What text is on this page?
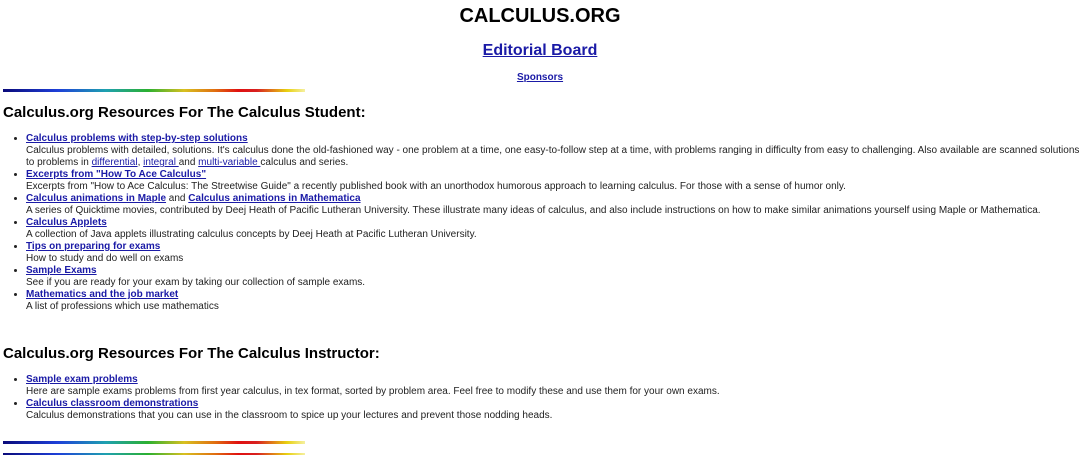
CALCULUS.ORG
Editorial Board
Sponsors
Calculus.org Resources For The Calculus Student:
• Calculus problems with step-by-step solutions
Calculus problems with detailed, solutions. It's calculus done the old-fashioned way - one problem at a time, one easy-to-follow step at a time, with problems ranging in difficulty from easy to challenging. Also available are scanned solutions to problems in differential, integral and multi-variable calculus and series.
• Excerpts from "How To Ace Calculus"
Excerpts from "How to Ace Calculus: The Streetwise Guide" a recently published book with an unorthodox humorous approach to learning calculus. For those with a sense of humor only.
• Calculus animations in Maple and Calculus animations in Mathematica
A series of Quicktime movies, contributed by Deej Heath of Pacific Lutheran University. These illustrate many ideas of calculus, and also include instructions on how to make similar animations yourself using Maple or Mathematica.
• Calculus Applets
A collection of Java applets illustrating calculus concepts by Deej Heath at Pacific Lutheran University.
• Tips on preparing for exams
How to study and do well on exams
• Sample Exams
See if you are ready for your exam by taking our collection of sample exams.
• Mathematics and the job market
A list of professions which use mathematics
Calculus.org Resources For The Calculus Instructor:
• Sample exam problems
Here are sample exams problems from first year calculus, in tex format, sorted by problem area. Feel free to modify these and use them for your own exams.
• Calculus classroom demonstrations
Calculus demonstrations that you can use in the classroom to spice up your lectures and prevent those nodding heads.
